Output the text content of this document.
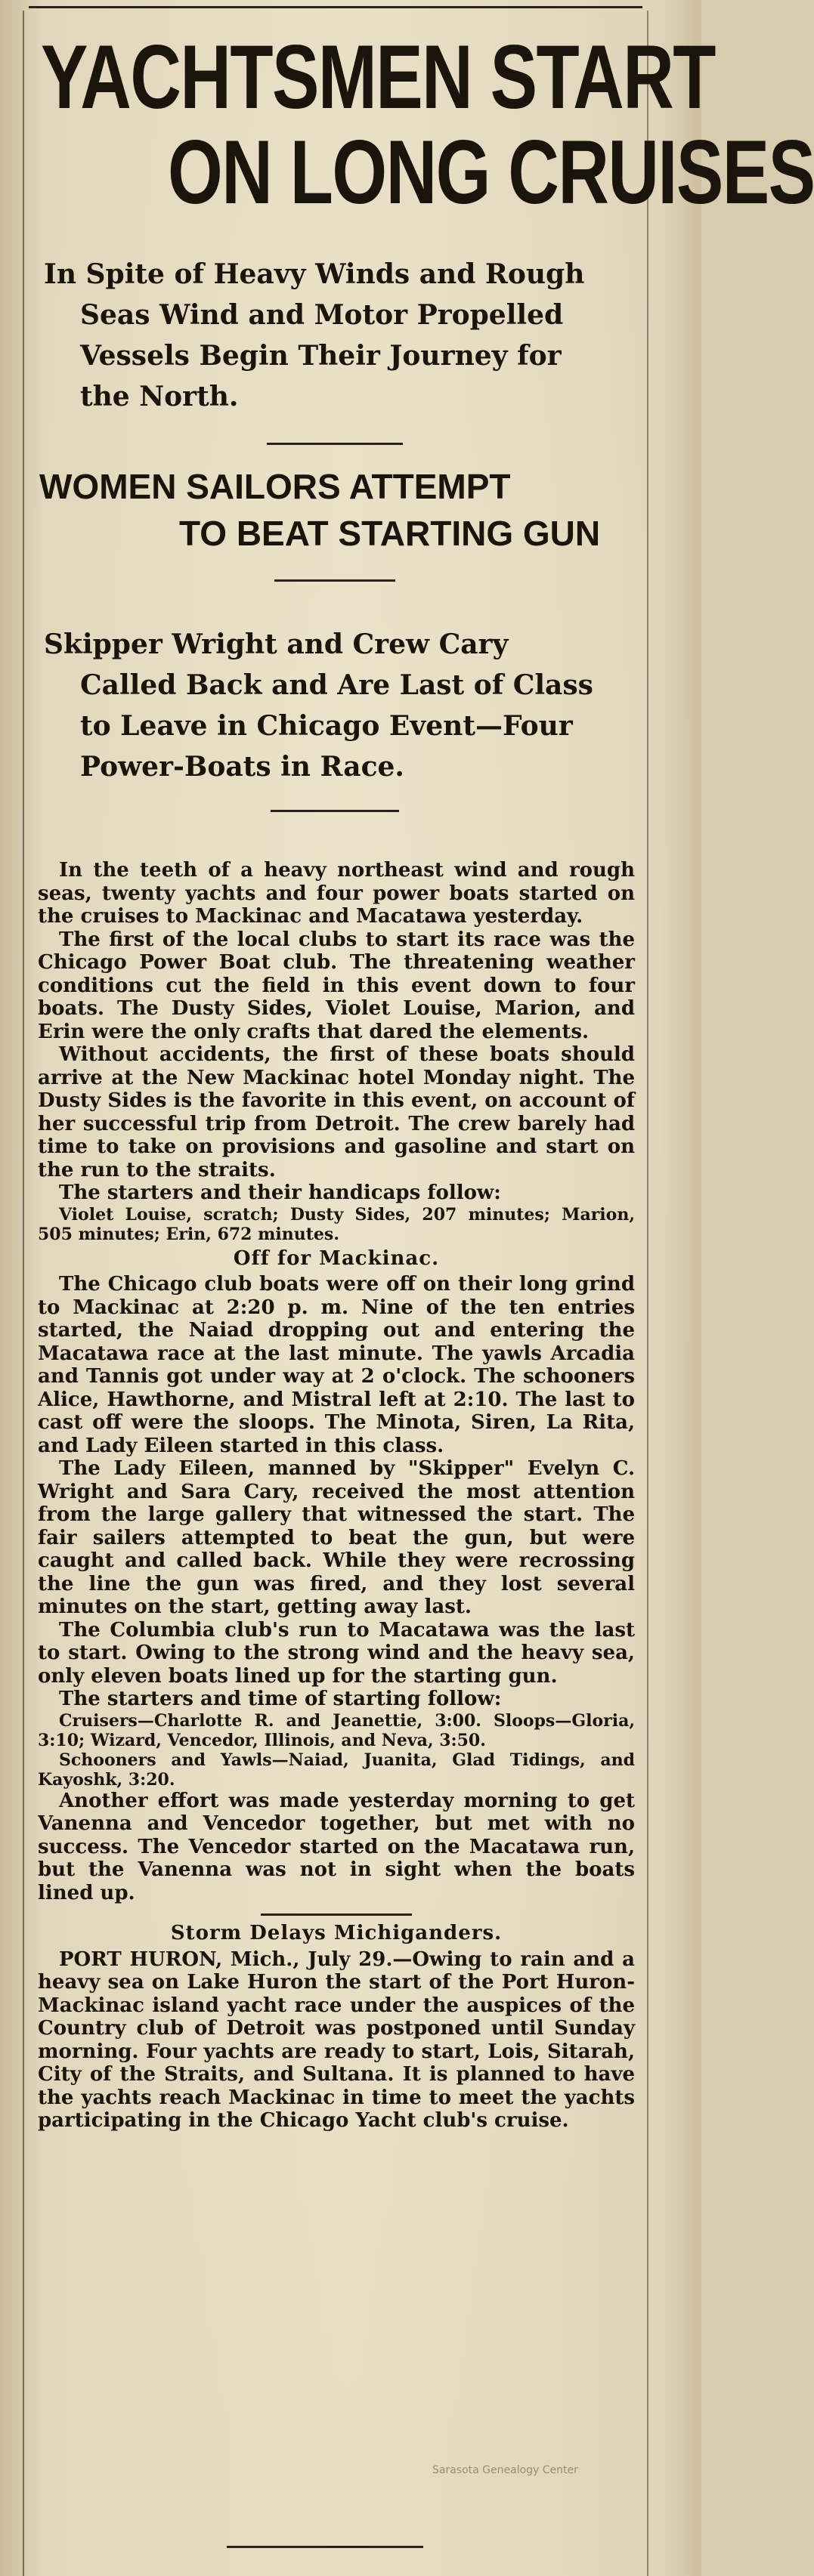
YACHTSMEN START
ON LONG CRUISES
In Spite of Heavy Winds and Rough
Seas Wind and Motor Propelled
Vessels Begin Their Journey for
the North.
WOMEN SAILORS ATTEMPT
TO BEAT STARTING GUN
Skipper Wright and Crew Cary
Called Back and Are Last of Class
to Leave in Chicago Event—Four
Power-Boats in Race.

In the teeth of a heavy northeast wind and rough seas, twenty yachts and four power boats started on the cruises to Mackinac and Macatawa yesterday.

The first of the local clubs to start its race was the Chicago Power Boat club. The threatening weather conditions cut the field in this event down to four boats. The Dusty Sides, Violet Louise, Marion, and Erin were the only crafts that dared the elements.

Without accidents, the first of these boats should arrive at the New Mackinac hotel Monday night. The Dusty Sides is the favorite in this event, on account of her successful trip from Detroit. The crew barely had time to take on provisions and gasoline and start on the run to the straits.

The starters and their handicaps follow:

Violet Louise, scratch; Dusty Sides, 207 minutes; Marion, 505 minutes; Erin, 672 minutes.

Off for Mackinac.

The Chicago club boats were off on their long grind to Mackinac at 2:20 p. m. Nine of the ten entries started, the Naiad dropping out and entering the Macatawa race at the last minute. The yawls Arcadia and Tannis got under way at 2 o'clock. The schooners Alice, Hawthorne, and Mistral left at 2:10. The last to cast off were the sloops. The Minota, Siren, La Rita, and Lady Eileen started in this class.

The Lady Eileen, manned by "Skipper" Evelyn C. Wright and Sara Cary, received the most attention from the large gallery that witnessed the start. The fair sailers attempted to beat the gun, but were caught and called back. While they were recrossing the line the gun was fired, and they lost several minutes on the start, getting away last.

The Columbia club's run to Macatawa was the last to start. Owing to the strong wind and the heavy sea, only eleven boats lined up for the starting gun.

The starters and time of starting follow:

Cruisers—Charlotte R. and Jeanettie, 3:00. Sloops—Gloria, 3:10; Wizard, Vencedor, Illinois, and Neva, 3:50.

Schooners and Yawls—Naiad, Juanita, Glad Tidings, and Kayoshk, 3:20.

Another effort was made yesterday morning to get Vanenna and Vencedor together, but met with no success. The Vencedor started on the Macatawa run, but the Vanenna was not in sight when the boats lined up.

Storm Delays Michiganders.

PORT HURON, Mich., July 29.—Owing to rain and a heavy sea on Lake Huron the start of the Port Huron-Mackinac island yacht race under the auspices of the Country club of Detroit was postponed until Sunday morning. Four yachts are ready to start, Lois, Sitarah, City of the Straits, and Sultana. It is planned to have the yachts reach Mackinac in time to meet the yachts participating in the Chicago Yacht club's cruise.

Sarasota Genealogy Center
